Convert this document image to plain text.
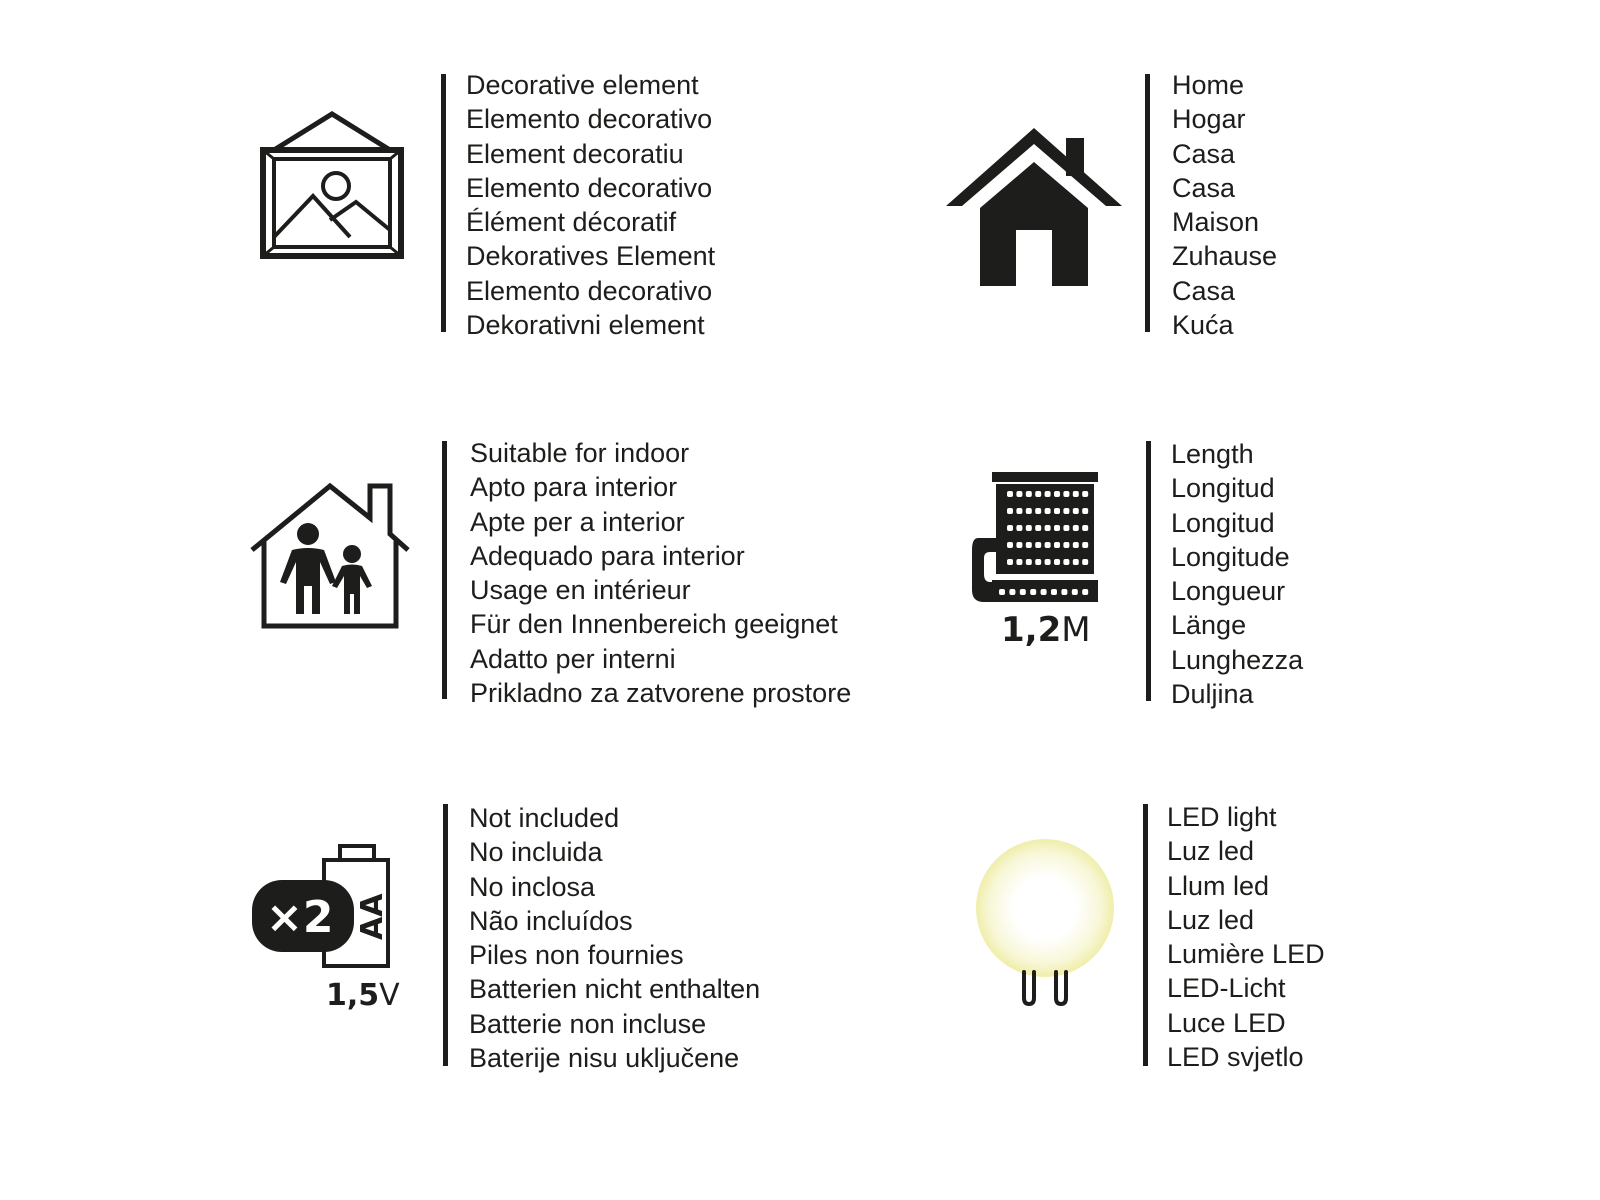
Decorative element
Elemento decorativo
Element decoratiu
Elemento decorativo
Élément décoratif
Dekoratives Element
Elemento decorativo
Dekorativni element
Home
Hogar
Casa
Casa
Maison
Zuhause
Casa
Kuća
Suitable for indoor
Apto para interior
Apte per a interior
Adequado para interior
Usage en intérieur
Für den Innenbereich geeignet
Adatto per interni
Prikladno za zatvorene prostore
1,2M
Length
Longitud
Longitud
Longitude
Longueur
Länge
Lunghezza
Duljina
×2 AA
1,5V
Not included
No incluida
No inclosa
Não incluídos
Piles non fournies
Batterien nicht enthalten
Batterie non incluse
Baterije nisu uključene
LED light
Luz led
Llum led
Luz led
Lumière LED
LED-Licht
Luce LED
LED svjetlo
